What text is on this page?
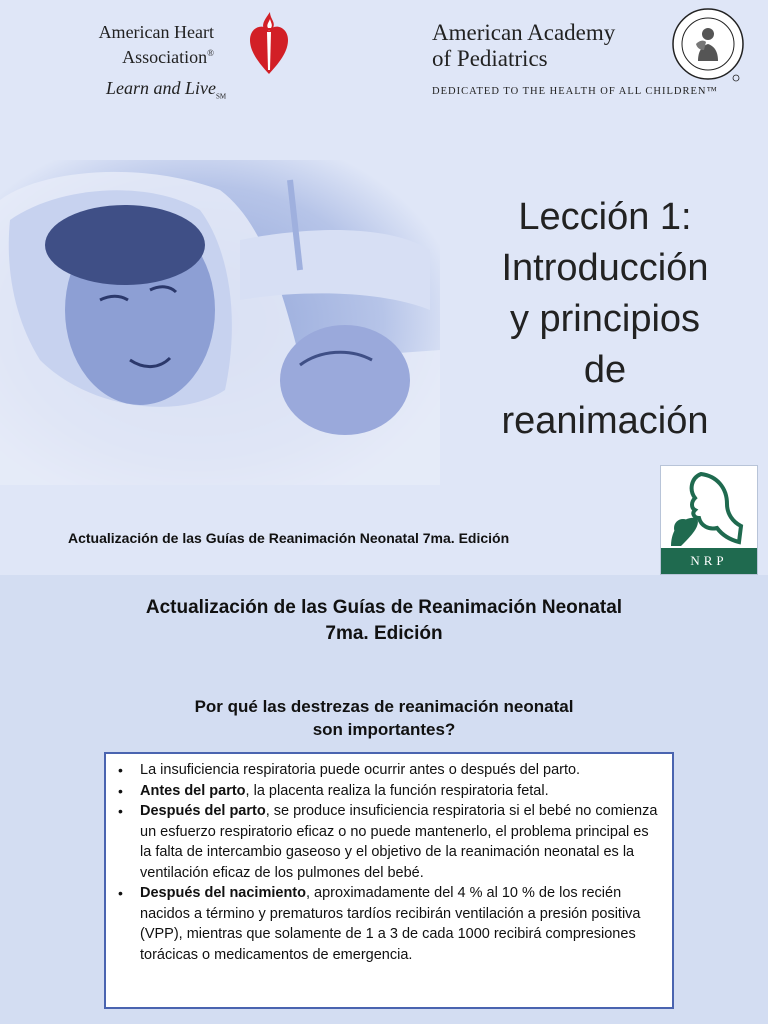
American Heart
Association®
Learn and Live$_{SM}$
American Academy
of Pediatrics
DEDICATED TO THE HEALTH OF ALL CHILDREN™
Lección 1:
Introducción
y principios
de
reanimación
Actualización de las Guías de Reanimación Neonatal 7ma. Edición
NRP
Actualización de las Guías de Reanimación Neonatal
7ma. Edición
Por qué las destrezas de reanimación neonatal
son importantes?
• La insuficiencia respiratoria puede ocurrir antes o después del parto.
• Antes del parto, la placenta realiza la función respiratoria fetal.
• Después del parto, se produce insuficiencia respiratoria si el bebé no comienza un esfuerzo respiratorio eficaz o no puede mantenerlo, el problema principal es la falta de intercambio gaseoso y el objetivo de la reanimación neonatal es la ventilación eficaz de los pulmones del bebé.
• Después del nacimiento, aproximadamente del 4 % al 10 % de los recién nacidos a término y prematuros tardíos recibirán ventilación a presión positiva (VPP), mientras que solamente de 1 a 3 de cada 1000 recibirá compresiones torácicas o medicamentos de emergencia.
